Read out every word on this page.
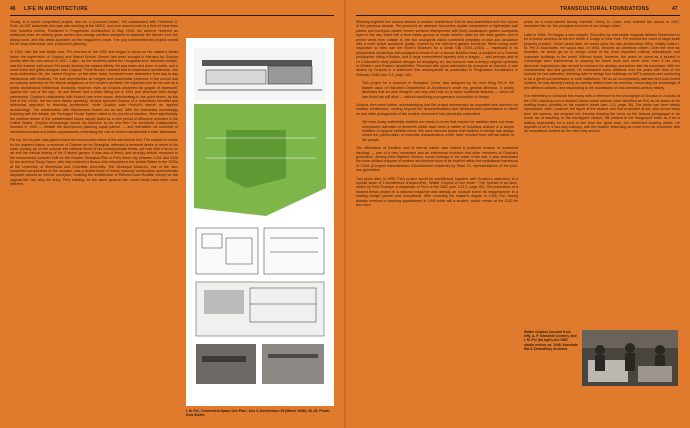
46 LIFE IN ARCHITECTURE	TRANSCULTURAL FOUNDATIONS	47

Finally, in a fourth competition project, also for a 'post-war house', Pei collaborated with Frederick G. Roth, an MIT classmate who was also working at the NDRC, and won second prize in a field of more than nine hundred entries. Published in Progressive Architecture in May 1949, the scheme received an additional prize for utilizing glass screen and storage partition designed to separate the kitchen from the dining room, and this detail appeared on the magazine's cover. The jury commended the project overall for its 'easy directness' and 'purposeful planning'.

In 1945, with the war finally over, Pei returned to the GSD and began to focus on his master's thesis under the supervision of Gropius and Marcel Breuer. Breuer had been brought to Harvard by Gropius shortly after his own arrival in 1937. 'Lajko', as the students called the Hungarian-born Bauhaus émigré, was the teacher with whom Pei would develop the closest affinity. He was warm and down to earth, and a more fluent and gifted designer than Gropius. There Breuer I learned that to understand architecture, one must understand life, the' stated Gropius, on the other hand, remained more abstracted from day-to-day interactions with students. He was nevertheless an elegant and charismatic presence in the school and an oracular authority on the ethical obligations of the modern architect. He expected him for his role as a public architectural intellectual. Ironically, however, even as Gropius preached his gospel of 'teamwork' against the 'cult of the ego', he and Breuer had a bitter falling out in 1941 and dissolved their design partnership. Gropius's relationship with Hudnut was even worse, deteriorating to the point where, by the end of the 1940s, the two were barely speaking. Hudnut accused Gropius of a reductively formalist and ahistorical approach to teaching architecture, while Gropius saw Hudnut's stance as 'applied archaeology'. The collaboration with Wachsmann fizzled out as well. With the Americans increasingly tinkering with the details, the Packaged House System failed to be put into production. More significantly, the wartime dream of the prefabricated house rapidly faded as a new period of affluence unfolded in the United States. Gropius increasingly turned his attention to his new firm The Architects Collaborative, founded in 1945 — himself the anonymous planning equal partner — and intensified his schedule of international travel and public appearances, embracing the role of modern architecture's elder statesman.

Pei too, for his part, was glad to leave the technocratic ethos of the war behind him. The subject he chose for his master's thesis, a museum of Chinese art for Shanghai, reflected a renewed desire to return to his roots, picking up on the cultural and national thrust of his undergraduate thesis, yet now with a focus on art and the natural beauty of the Chinese garden. It was also a direct, and strongly critical, response to the monumental complex built for the Greater Shanghai Plan in Pei's home city between 1931 and 1936 by the architect Dong Dayou, who had received a Beaux-Arts education in the United States in the 1920s at the University of Minnesota and Columbia University. The Municipal Museum, one of the last-completed components of the complex, was a closed block of heavy masonry construction symmetrically disposed around an interior courtyard, recalling the architecture of Étienne-Louis Boullée except for the pagoda-like 'hat' atop the entry. Pei's building, for the same general site, could hardly have been more different.

I. M. Pei, 'Convenient Space Use Plan', Arts & Architecture 63 (March 1946): 38–39. Photo: Ezra Stoller

Weaving together the various strands of modern architecture that he had assimilated over the course of the previous decade, Pei produced an abstract, two-storey spatial composition of lightweight wall planes and luminous marble veneer surfaces interspersed with finely landscaped garden courtyards open to the sky. Burst half a level below ground to create exterior walls for the main garden and to permit views from outside in, the two courtyards visibly combined simplicity of plan and circulation with a more lyrical sculptural quality, evoked by the free-form garden elements. While owing some inspiration to Mies van der Rohe's Museum for a Small City (1941–1943) — especially in its perspectival renderings with collaged-in works of art: a bronze Buddha head, a sculpture of a Chinese philosopher riding a buffalo, and a large embroidered tapestry with a dragon — and perhaps also to Le Corbusier's early pavilion designs for displaying art, the museum was a deeply original synthesis of Western and Eastern sensibilities. Received with great admiration by everyone at Harvard, it was lauded by Gropius in a statement that accompanied its publication in Progressive Architecture in February 1948 (see 3.3, page 111):

This project for a museum in Shanghai, China, was designed by Mr. Ieoh Ming Pei in the Master class of Harvard's Department of Architecture under my general direction. It clearly illustrates that an able designer can very well hold on to basic traditional features — which he has found are still alive — without sacrificing a progressive conception of design.

Gropius then went further, acknowledging that the project represented an important new direction for modern architecture, moving beyond the decontextualized and dehistoricized universalism to which he and other protagonists of the modern movement had previously subscribed:

We have today sufficiently clarified our minds to know that respect for tradition does not mean complacent toleration of elements which have been a matter of fortuitous chance or a simple imitation of bygone esthetic forms. We have become aware that tradition in design has always meant the preservation of essential characteristics which have resulted from eternal habits of the people.

The affirmation of 'tradition and of eternal habits' was indeed a profound revision of modernist ideology — part of a new humanism and an intellectual evolution that other members of Gropius's generation, among them Sigfried Giedion, would undergo in the wake of the war. It also anticipated the more militant critiques of modern architecture soon to be levelled within the institutional framework of CIAM (Congrès Internationaux d'Architecture moderne) by Team 10, representatives of the post-war generation.

Two years later, in 1950, Pei's project would be republished, together with Gropius's statement, in a special issue of L'Architecture d'aujourd'hui, 'Walter Gropius et son école / The Spread of an Idea', edited by Paul Rudolph, a classmate of Pei's at the GSD (see 1.23.3, page 35). The publication of a student thesis project in a national magazine was already an unusual event; its reappearance in a leading foreign journal was exceptional. After receiving his master's degree in 1946, Pei, having already received a teaching appointment in 1945 while still a student, would remain at the GSD for two more

years as a much-valued faculty member. Henry N. Cobb, who entered the school in 1947, described him as 'the youngest and best of our design critics'.

Later in 1948, Pei began a new chapter. Recruited by real-estate magnate William Zeckendorf to be in-house architect at his firm Webb & Knapp in New York, Pei entered the world of large-scale property practice. Seven years later, he would open his own architectural office, initially called I. M. Pei & Associates. He would also, in 1954, become an American citizen. Over the next six decades, he would go on to design some of the most important cultural, educational, and corporate buildings in the world. Without doubt, however, the years he spent as a student in Cambridge were instrumental in shaping his future work and world view, even if his early American experiences also served to reinforce his abiding connection with his homeland. With his characteristic tact and goodwill, he maintained warm relations over the years with both of the schools he had attended, returning later to design four buildings on MIT's campus and continuing to be a generous benefactor to both institutions. Yet as an incomparably talented and sure-footed student, he was already honing an identity distinct from his mentors, reconciling the knowledge of two different cultures, and responding to the vicissitudes of mid-twentieth-century history.

It is interesting to conclude this essay with a reference to the photograph of Gropius in a studio at the GSD standing over a student (whom some authors have identified as Pei) as he works at his drafting board, possibly on his master's thesis (see 1.21, page 36). The photo has been widely reproduced, often, however, the figure of the student and that of another at left, also turned away from the camera, are cropped out, thereby keeping the focus on the famous pedagogue in an iconic act of teaching. In the uncropped version, the student in the foreground looks as if he is waiting expectantly for a word or two from the 'great man', his unfinished drawing visible. He appears to be in a two-way colloquy, with the teacher absorbing as much from his encounter with an exceptional student as the other way around.

Walter Gropius (second from left), A. P. Kanvinde (centre), and I. M. Pei (far right) at a GSD studio review, ca. 1946. Kanvinde Rai & Chowdhury Archives
